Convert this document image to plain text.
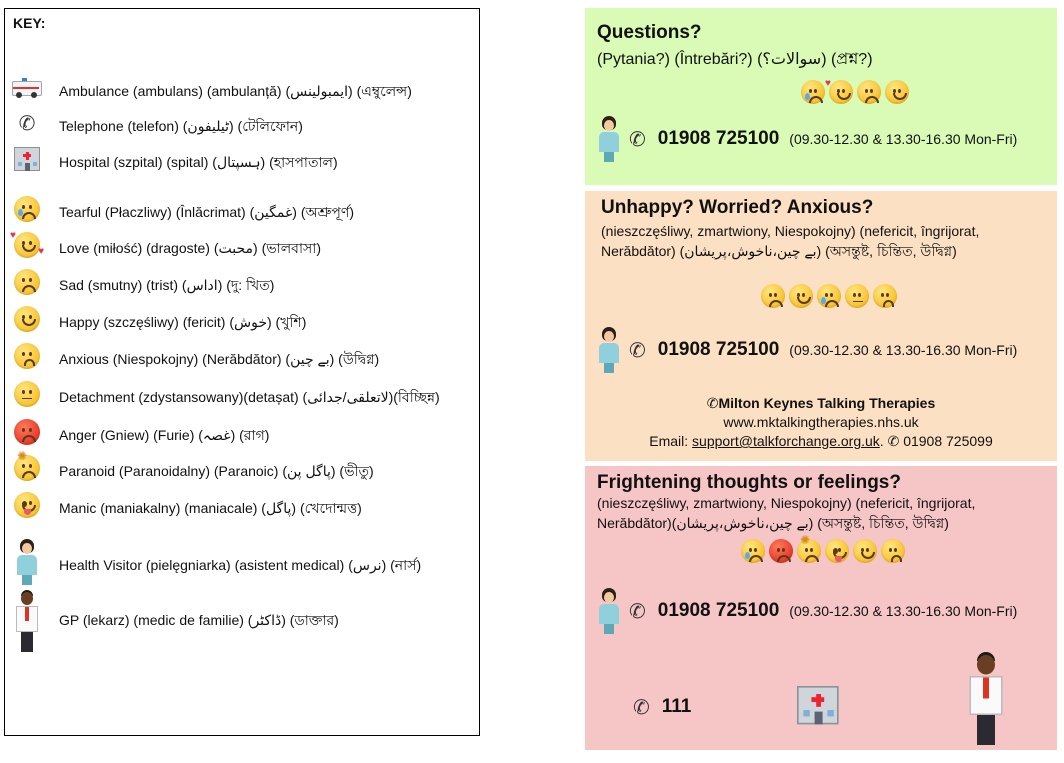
KEY:
Ambulance (ambulans) (ambulanță) (ایمبولینس) (এম্বুলেন্স)
✆ Telephone (telefon) (ٹیلیفون) (টেলিফোন)
Hospital (szpital) (spital) (ہسپتال) (হাসপাতাল)
Tearful (Płaczliwy) (Înlăcrimat) (غمگین) (অশ্রুপূর্ণ)
♥
♥ Love (miłość) (dragoste) (محبت) (ভালবাসা)
Sad (smutny) (trist) (اداس) (দু: খিত)
Happy (szczęśliwy) (fericit) (خوش) (খুশি)
Anxious (Niespokojny) (Nerăbdător) (بے چین) (উদ্বিগ্ন)
Detachment (zdystansowany)(detașat) (لاتعلقی/جدائی)(বিচ্ছিন্ন)
Anger (Gniew) (Furie) (غصہ) (রাগ)
✺
Paranoid (Paranoidalny) (Paranoic) (پاگل پن) (ভীতু)
Manic (maniakalny) (maniacale) (پاگل) (খেদোন্মত্ত)
Health Visitor (pielęgniarka) (asistent medical) (نرس) (নার্স)
GP (lekarz) (medic de familie) (ڈاکٹر) (ডাক্তার)
Questions?
(Pytania?) (Întrebări?) (سوالات؟) (প্রশ্ন?)
♥
✆ 01908 725100 (09.30-12.30 & 13.30-16.30 Mon-Fri)
Unhappy? Worried? Anxious?
(nieszczęśliwy, zmartwiony, Niespokojny) (nefericit, îngrijorat,
Nerăbdător) (بے چین،ناخوش،پریشان) (অসন্তুষ্ট, চিন্তিত, উদ্বিগ্ন)
✆ 01908 725100 (09.30-12.30 & 13.30-16.30 Mon-Fri)
✆Milton Keynes Talking Therapies
www.mktalkingtherapies.nhs.uk
Email: support@talkforchange.org.uk. ✆ 01908 725099
Frightening thoughts or feelings?
(nieszczęśliwy, zmartwiony, Niespokojny) (nefericit, îngrijorat,
Nerăbdător)(بے چین،ناخوش،پریشان) (অসন্তুষ্ট, চিন্তিত, উদ্বিগ্ন)
✺
✆ 01908 725100 (09.30-12.30 & 13.30-16.30 Mon-Fri)
✆ 111
